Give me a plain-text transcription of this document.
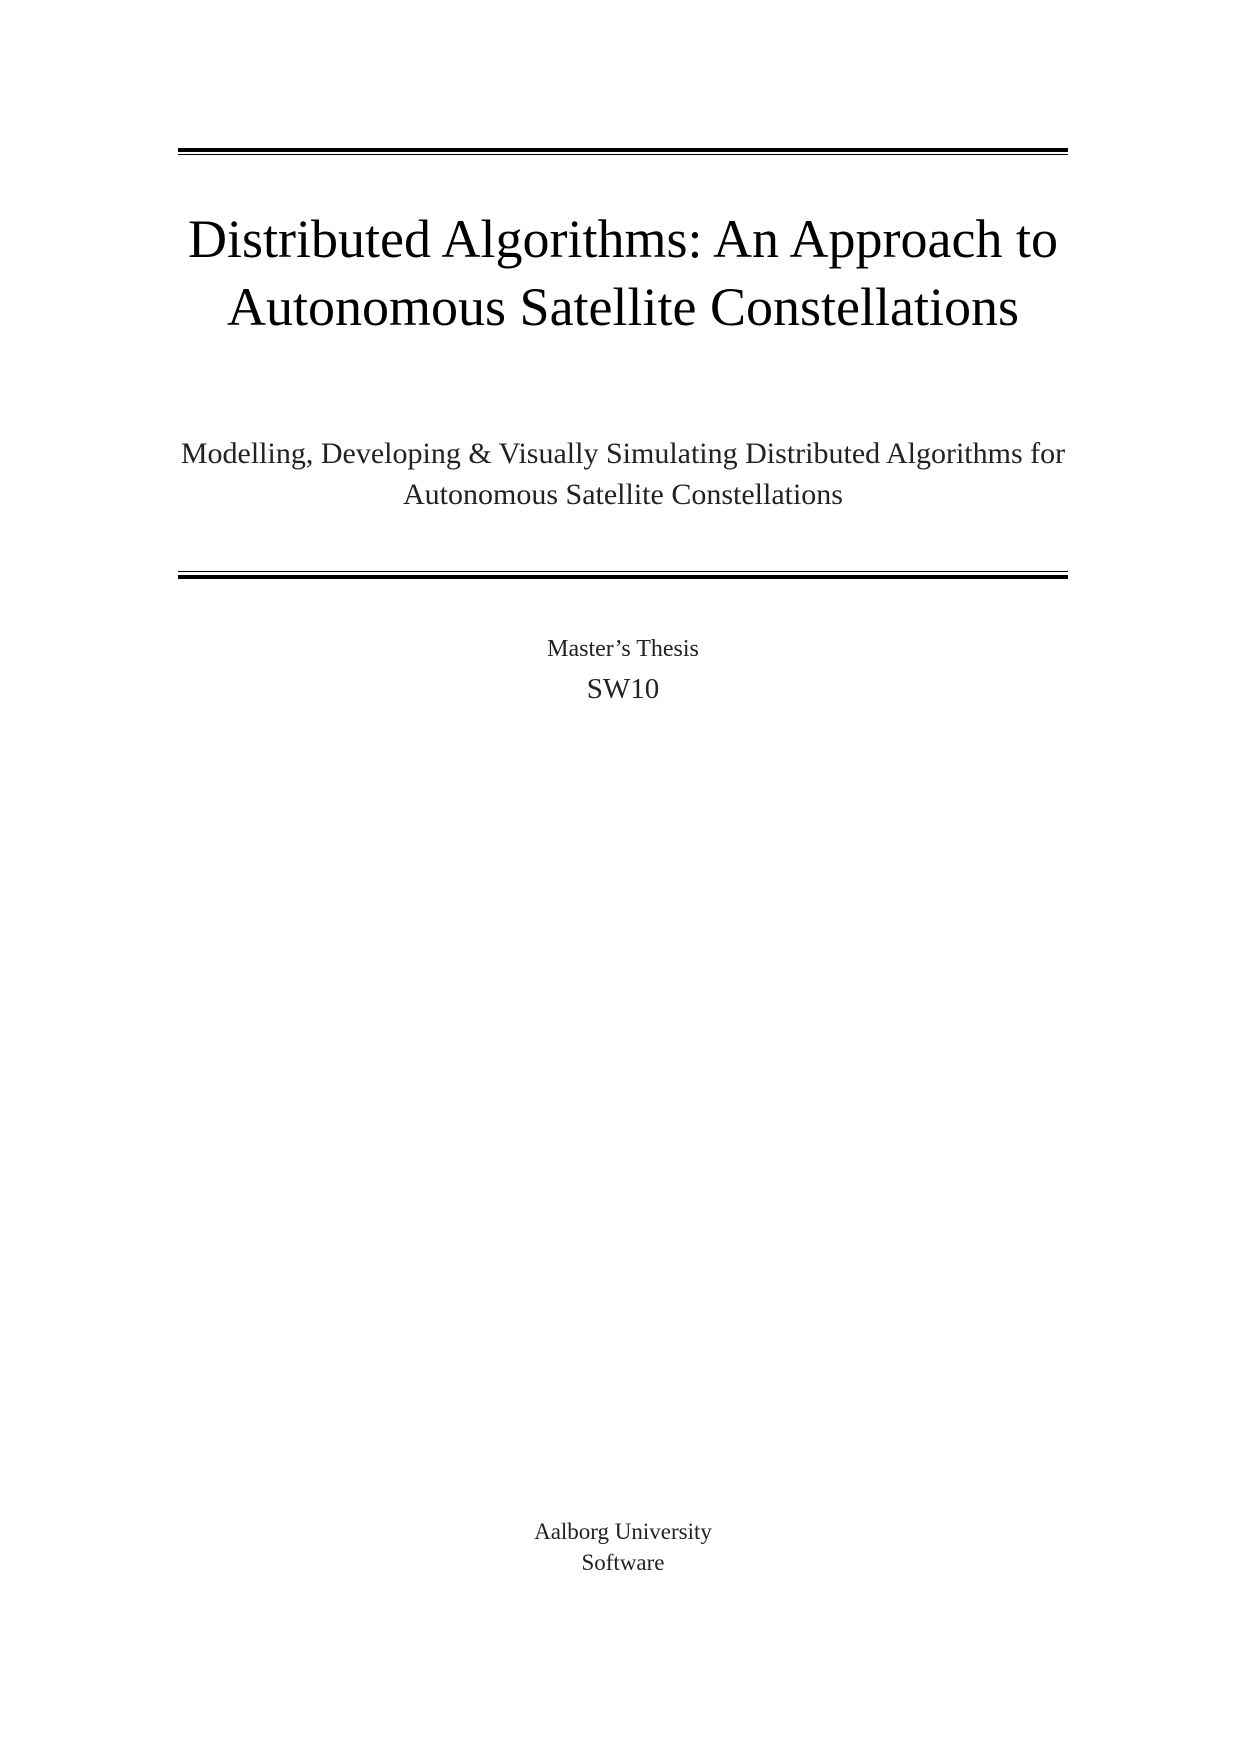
Distributed Algorithms: An Approach to Autonomous Satellite Constellations

Modelling, Developing & Visually Simulating Distributed Algorithms for Autonomous Satellite Constellations

Master’s Thesis
SW10
Aalborg University
Software
